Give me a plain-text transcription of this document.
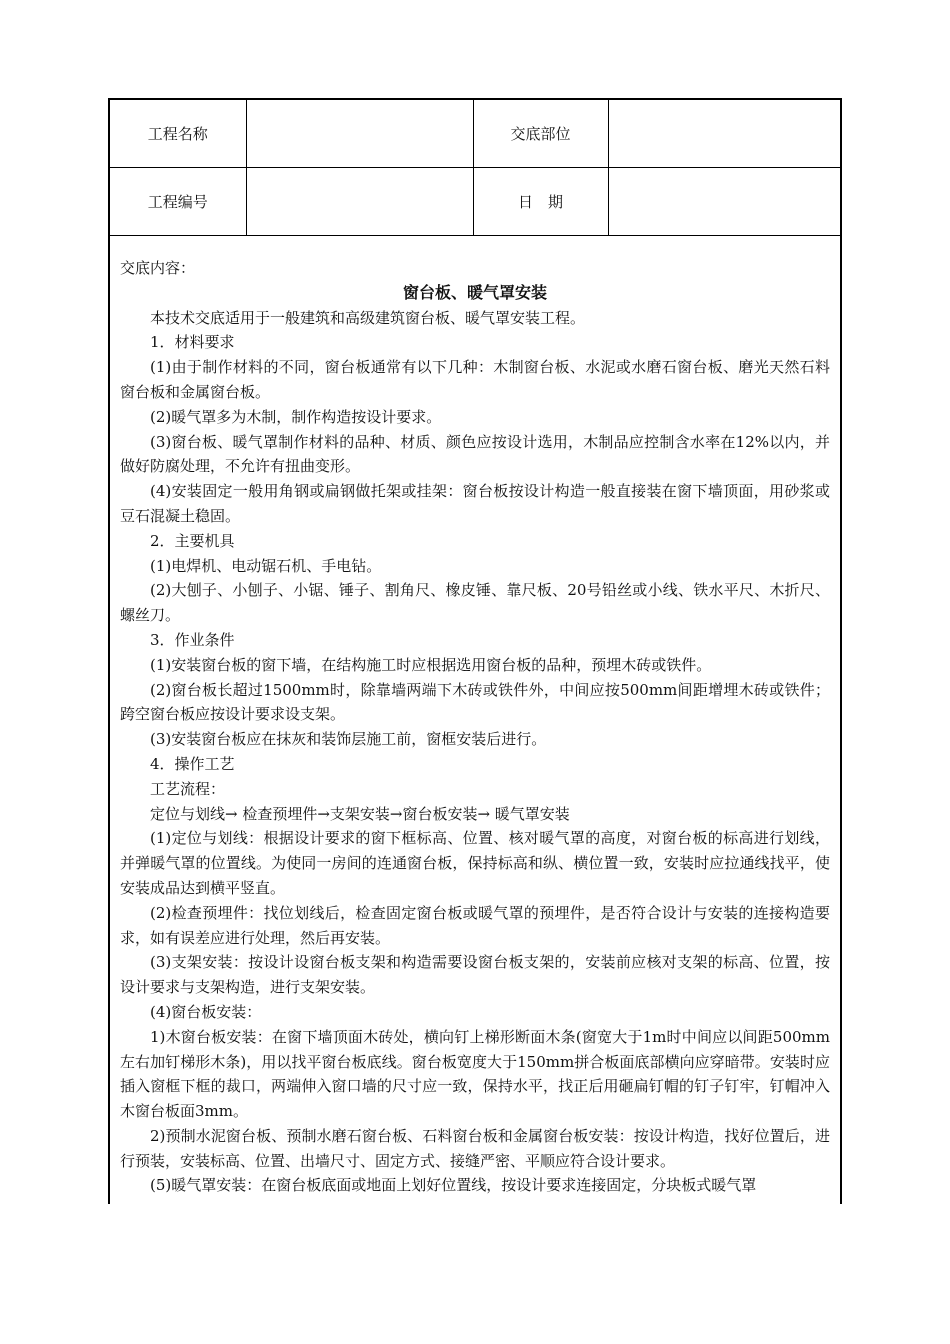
工程名称		交底部位	
工程编号		日　期	

交底内容：

窗台板、暖气罩安装

本技术交底适用于一般建筑和高级建筑窗台板、暖气罩安装工程。

1．材料要求

(1)由于制作材料的不同，窗台板通常有以下几种：木制窗台板、水泥或水磨石窗台板、磨光天然石料窗台板和金属窗台板。

(2)暖气罩多为木制，制作构造按设计要求。

(3)窗台板、暖气罩制作材料的品种、材质、颜色应按设计选用，木制品应控制含水率在12%以内，并做好防腐处理，不允许有扭曲变形。

(4)安装固定一般用角钢或扁钢做托架或挂架：窗台板按设计构造一般直接装在窗下墙顶面，用砂浆或豆石混凝土稳固。

2．主要机具

(1)电焊机、电动锯石机、手电钻。

(2)大刨子、小刨子、小锯、锤子、割角尺、橡皮锤、靠尺板、20号铅丝或小线、铁水平尺、木折尺、螺丝刀。

3．作业条件

(1)安装窗台板的窗下墙，在结构施工时应根据选用窗台板的品种，预埋木砖或铁件。

(2)窗台板长超过1500mm时，除靠墙两端下木砖或铁件外，中间应按500mm间距增埋木砖或铁件；跨空窗台板应按设计要求设支架。

(3)安装窗台板应在抹灰和装饰层施工前，窗框安装后进行。

4．操作工艺

工艺流程：

定位与划线→ 检查预埋件→支架安装→窗台板安装→ 暖气罩安装

(1)定位与划线：根据设计要求的窗下框标高、位置、核对暖气罩的高度，对窗台板的标高进行划线，并弹暖气罩的位置线。为使同一房间的连通窗台板，保持标高和纵、横位置一致，安装时应拉通线找平，使安装成品达到横平竖直。

(2)检查预埋件：找位划线后，检查固定窗台板或暖气罩的预埋件，是否符合设计与安装的连接构造要求，如有误差应进行处理，然后再安装。

(3)支架安装：按设计设窗台板支架和构造需要设窗台板支架的，安装前应核对支架的标高、位置，按设计要求与支架构造，进行支架安装。

(4)窗台板安装：

1)木窗台板安装：在窗下墙顶面木砖处，横向钉上梯形断面木条(窗宽大于1m时中间应以间距500mm左右加钉梯形木条)，用以找平窗台板底线。窗台板宽度大于150mm拼合板面底部横向应穿暗带。安装时应插入窗框下框的裁口，两端伸入窗口墙的尺寸应一致，保持水平，找正后用砸扁钉帽的钉子钉牢，钉帽冲入木窗台板面3mm。

2)预制水泥窗台板、预制水磨石窗台板、石料窗台板和金属窗台板安装：按设计构造，找好位置后，进行预装，安装标高、位置、出墙尺寸、固定方式、接缝严密、平顺应符合设计要求。

(5)暖气罩安装：在窗台板底面或地面上划好位置线，按设计要求连接固定，分块板式暖气罩
